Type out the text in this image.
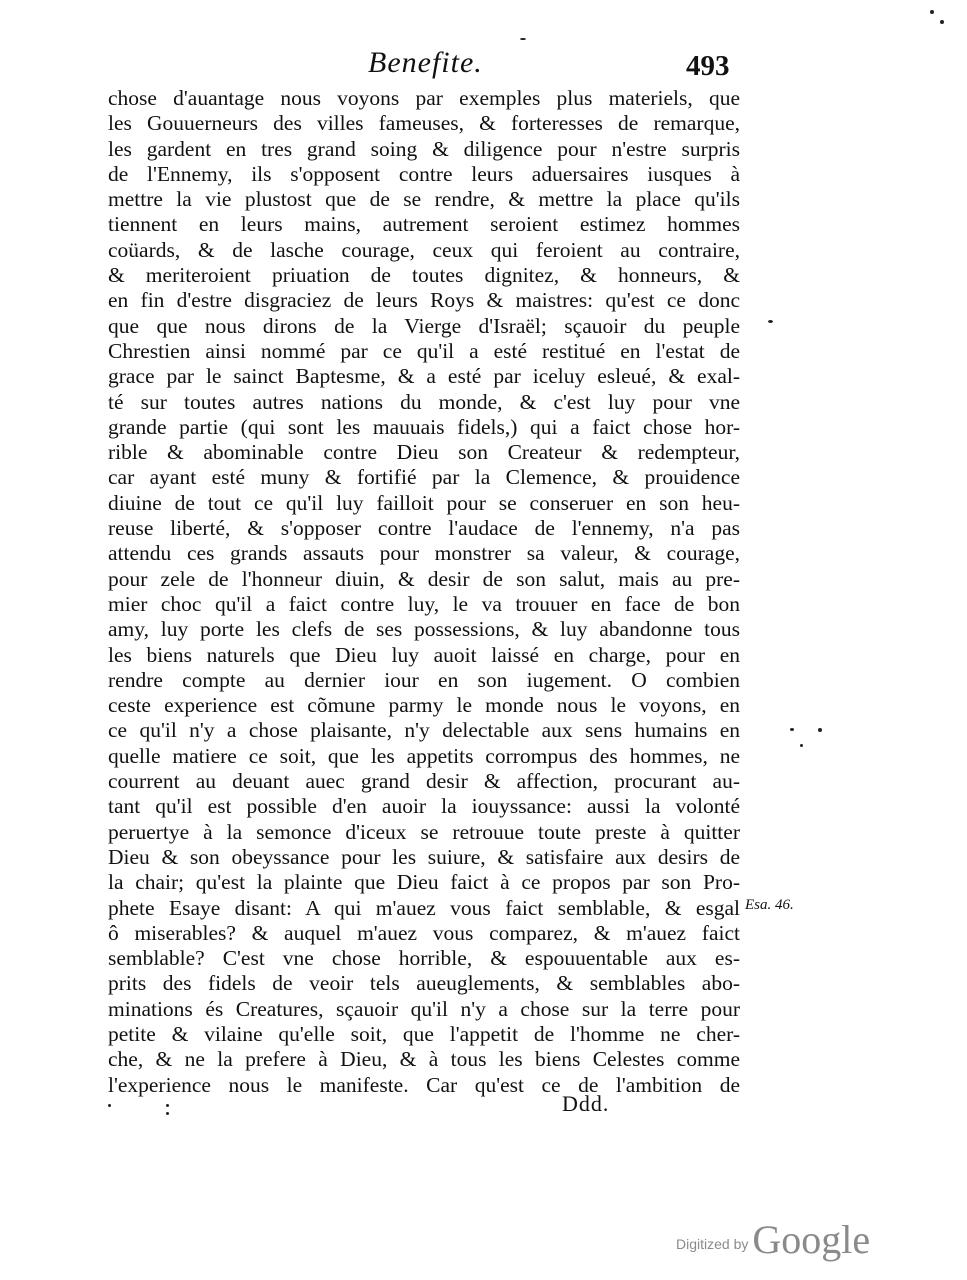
Benefite.	493
chose d'auantage nous voyons par exemples plus materiels, que
les Gouuerneurs des villes fameuses, & forteresses de remarque,
les gardent en tres grand soing & diligence pour n'estre surpris
de l'Ennemy, ils s'opposent contre leurs aduersaires iusques à
mettre la vie plustost que de se rendre, & mettre la place qu'ils
tiennent en leurs mains, autrement seroient estimez hommes
coüards, & de lasche courage, ceux qui feroient au contraire,
& meriteroient priuation de toutes dignitez, & honneurs, &
en fin d'estre disgraciez de leurs Roys & maistres: qu'est ce donc
que que nous dirons de la Vierge d'Israël; sçauoir du peuple
Chrestien ainsi nommé par ce qu'il a esté restitué en l'estat de
grace par le sainct Baptesme, & a esté par iceluy esleué, & exal-
té sur toutes autres nations du monde, & c'est luy pour vne
grande partie (qui sont les mauuais fidels,) qui a faict chose hor-
rible & abominable contre Dieu son Createur & redempteur,
car ayant esté muny & fortifié par la Clemence, & prouidence
diuine de tout ce qu'il luy failloit pour se conseruer en son heu-
reuse liberté, & s'opposer contre l'audace de l'ennemy, n'a pas
attendu ces grands assauts pour monstrer sa valeur, & courage,
pour zele de l'honneur diuin, & desir de son salut, mais au pre-
mier choc qu'il a faict contre luy, le va trouuer en face de bon
amy, luy porte les clefs de ses possessions, & luy abandonne tous
les biens naturels que Dieu luy auoit laissé en charge, pour en
rendre compte au dernier iour en son iugement. O combien
ceste experience est cõmune parmy le monde nous le voyons, en
ce qu'il n'y a chose plaisante, n'y delectable aux sens humains en
quelle matiere ce soit, que les appetits corrompus des hommes, ne
courrent au deuant auec grand desir & affection, procurant au-
tant qu'il est possible d'en auoir la iouyssance: aussi la volonté
peruertye à la semonce d'iceux se retrouue toute preste à quitter
Dieu & son obeyssance pour les suiure, & satisfaire aux desirs de
la chair; qu'est la plainte que Dieu faict à ce propos par son Pro-
phete Esaye disant: A qui m'auez vous faict semblable, & esgal
ô miserables? & auquel m'auez vous comparez, & m'auez faict
semblable? C'est vne chose horrible, & espouuentable aux es-
prits des fidels de veoir tels aueuglements, & semblables abo-
minations és Creatures, sçauoir qu'il n'y a chose sur la terre pour
petite & vilaine qu'elle soit, que l'appetit de l'homme ne cher-
che, & ne la prefere à Dieu, & à tous les biens Celestes comme
l'experience nous le manifeste. Car qu'est ce de l'ambition de
Esa. 46.
Ddd.
Digitized by Google
